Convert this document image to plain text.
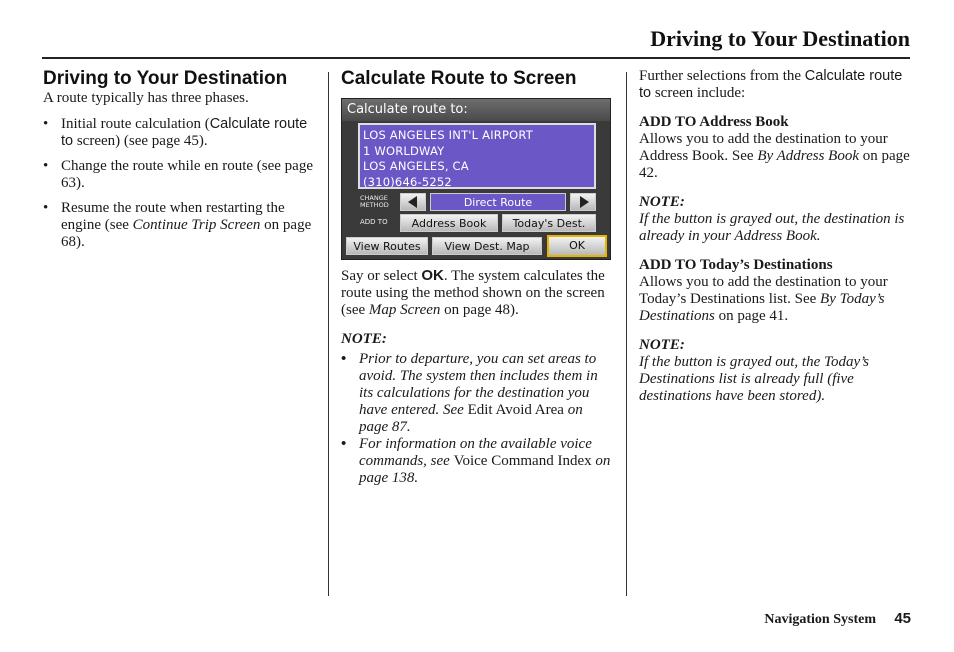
Driving to Your Destination
Driving to Your Destination

A route typically has three phases.

• Initial route calculation (Calculate route to screen) (see page 45).
• Change the route while en route (see page 63).
• Resume the route when restarting the engine (see Continue Trip Screen on page 68).
Calculate Route to Screen
Calculate route to:
LOS ANGELES INT'L AIRPORT
1 WORLDWAY
LOS ANGELES, CA
(310)646-5252
CHANGE
METHOD	Direct Route
ADD TO	Address Book	Today's Dest.
View Routes	View Dest. Map	OK

Say or select OK. The system calculates the route using the method shown on the screen (see Map Screen on page 48).

NOTE:

• Prior to departure, you can set areas to avoid. The system then includes them in its calculations for the destination you have entered. See Edit Avoid Area on page 87.
• For information on the available voice commands, see Voice Command Index on page 138.

Further selections from the Calculate route to screen include:

ADD TO Address Book

Allows you to add the destination to your Address Book. See By Address Book on page 42.

NOTE:

If the button is grayed out, the destination is already in your Address Book.

ADD TO Today’s Destinations

Allows you to add the destination to your Today’s Destinations list. See By Today’s Destinations on page 41.

NOTE:

If the button is grayed out, the Today’s Destinations list is already full (five destinations have been stored).

Navigation System 45
